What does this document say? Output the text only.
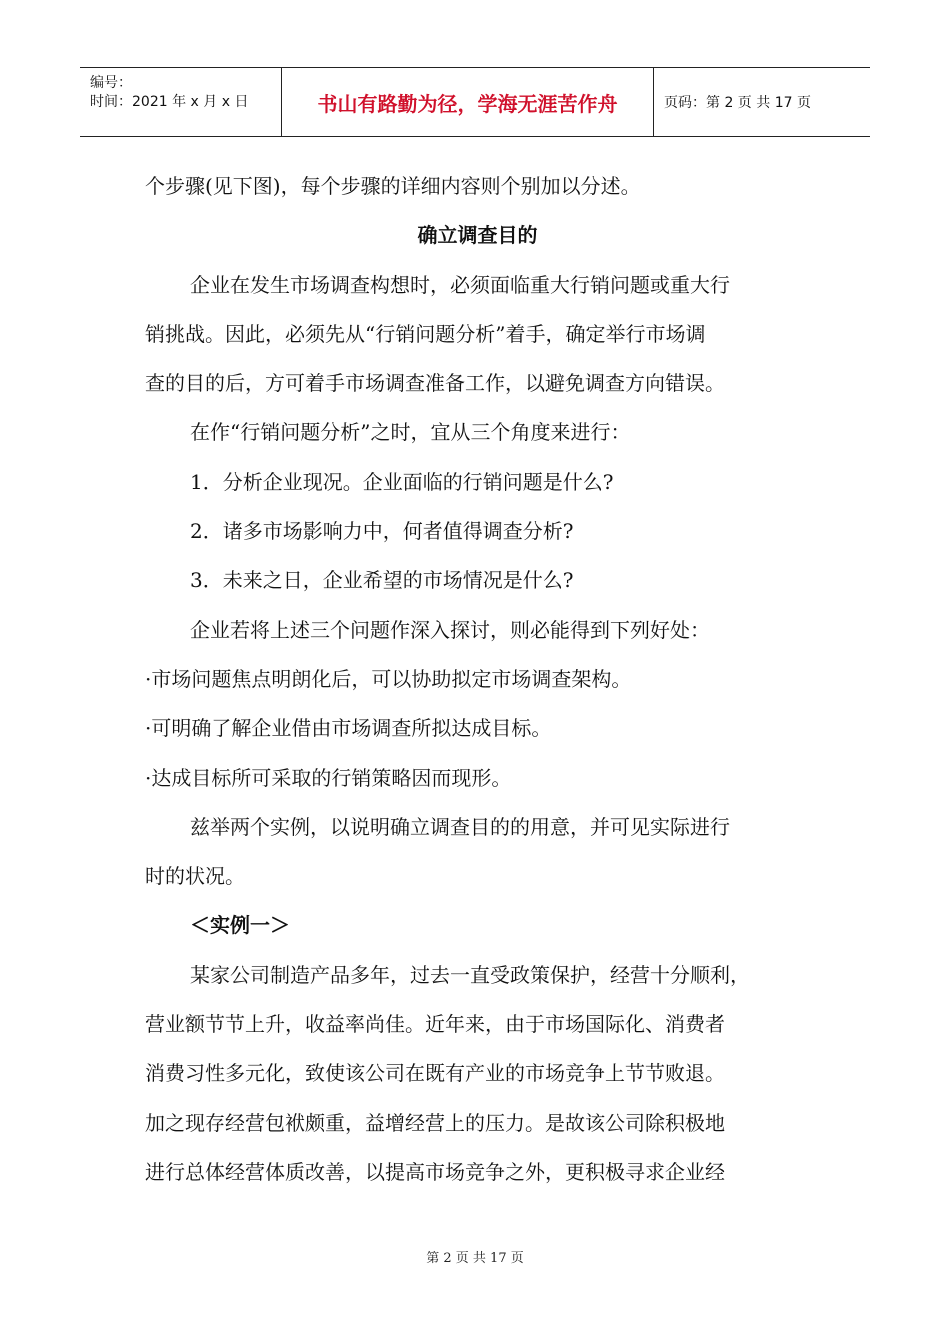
编号：
时间：2021 年 x 月 x 日	书山有路勤为径，学海无涯苦作舟	页码：第 2 页 共 17 页
个步骤(见下图)，每个步骤的详细内容则个别加以分述。
确立调查目的
企业在发生市场调查构想时，必须面临重大行销问题或重大行
销挑战。因此，必须先从“行销问题分析”着手，确定举行市场调
查的目的后，方可着手市场调查准备工作，以避免调查方向错误。
在作“行销问题分析”之时，宜从三个角度来进行：
1．分析企业现况。企业面临的行销问题是什么?
2．诸多市场影响力中，何者值得调查分析?
3．未来之日，企业希望的市场情况是什么?
企业若将上述三个问题作深入探讨，则必能得到下列好处：
·市场问题焦点明朗化后，可以协助拟定市场调查架构。
·可明确了解企业借由市场调查所拟达成目标。
·达成目标所可采取的行销策略因而现形。
兹举两个实例，以说明确立调查目的的用意，并可见实际进行
时的状况。
＜实例一＞
某家公司制造产品多年，过去一直受政策保护，经营十分顺利，
营业额节节上升，收益率尚佳。近年来，由于市场国际化、消费者
消费习性多元化，致使该公司在既有产业的市场竞争上节节败退。
加之现存经营包袱颇重，益增经营上的压力。是故该公司除积极地
进行总体经营体质改善，以提高市场竞争之外，更积极寻求企业经
第 2 页 共 17 页
